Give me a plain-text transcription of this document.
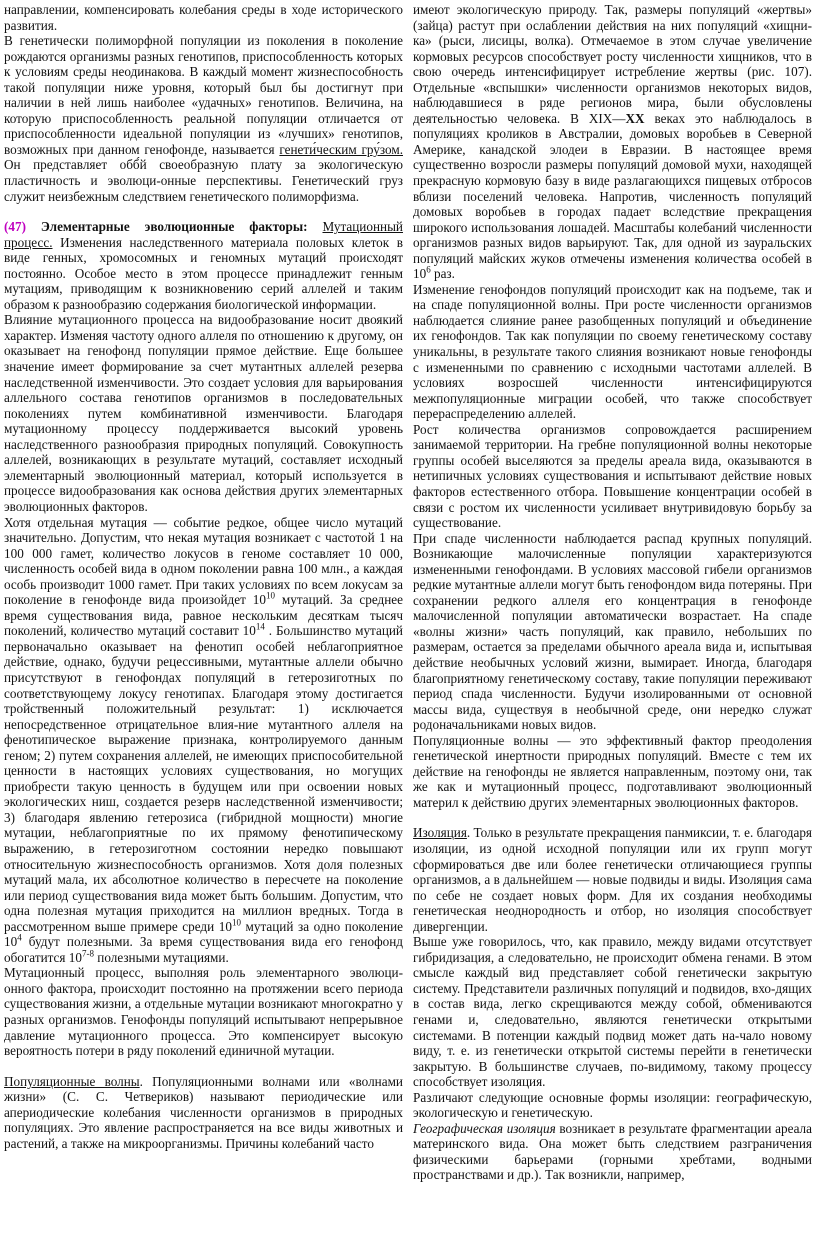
направлении, компенсировать колебания среды в ходе исторического развития.

В генетически полиморфной популяции из поколения в поколение рождаются организмы разных генотипов, приспособленность которых к условиям среды неодинакова. В каждый момент жизнеспособность такой популяции ниже уровня, который был бы достигнут при наличии в ней лишь наиболее «удачных» генотипов. Величина, на которую приспособленность реальной популяции отличается от приспособленности идеальной популяции из «лучших» генотипов, возможных при данном генофонде, называется генети́ческим гру́зом. Он представляет обб́й своеобразную плату за экологическую пластичность и эволюци-онные перспективы. Генетический груз служит неизбежным следствием генетического полиморфизма.

(47) Элементарные эволюционные факторы: Мутационный процесс. Изменения наследственного материала половых клеток в виде генных, хромосомных и геномных мутаций происходят постоянно. Особое место в этом процессе принадлежит генным мутациям, приводящим к возникновению серий аллелей и таким образом к разнообразию содержания биологической информации.

Влияние мутационного процесса на видообразование носит двоякий характер. Изменяя частоту одного аллеля по отношению к другому, он оказывает на генофонд популяции прямое действие. Еще большее значение имеет формирование за счет мутантных аллелей резерва наследственной изменчивости. Это создает условия для варьирования аллельного состава генотипов организмов в последовательных поколениях путем комбинативной изменчивости. Благодаря мутационному процессу поддерживается высокий уровень наследственного разнообразия природных популяций. Совокупность аллелей, возникающих в результате мутаций, составляет исходный элементарный эволюционный материал, который используется в процессе видообразования как основа действия других элементарных эволюционных факторов.

Хотя отдельная мутация — событие редкое, общее число мутаций значительно. Допустим, что некая мутация возникает с частотой 1 на 100 000 гамет, количество локусов в геноме составляет 10 000, численность особей вида в одном поколении равна 100 млн., а каждая особь производит 1000 гамет. При таких условиях по всем локусам за поколение в генофонде вида произойдет $10^{10}$ мутаций. За среднее время существования вида, равное нескольким десяткам тысяч поколений, количество мутаций составит $10^{14}$ . Большинство мутаций первоначально оказывает на фенотип особей неблагоприятное действие, однако, будучи рецессивными, мутантные аллели обычно присутствуют в генофондах популяций в гетерозиготных по соответствующему локусу генотипах. Благодаря этому достигается тройственный положительный результат: 1) исключается непосредственное отрицательное влия-ние мутантного аллеля на фенотипическое выражение признака, контролируемого данным геном; 2) путем сохранения аллелей, не имеющих приспособительной ценности в настоящих условиях существования, но могущих приобрести такую ценность в будущем или при освоении новых экологических ниш, создается резерв наследственной изменчивости; 3) благодаря явлению гетерозиса (гибридной мощности) многие мутации, неблагоприятные по их прямому фенотипическому выражению, в гетерозиготном состоянии нередко повышают относительную жизнеспособность организмов. Хотя доля полезных мутаций мала, их абсолютное количество в пересчете на поколение или период существования вида может быть большим. Допустим, что одна полезная мутация приходится на миллион вредных. Тогда в рассмотренном выше примере среди $10^{10}$ мутаций за одно поколение $10^4$ будут полезными. За время существования вида его генофонд обогатится 10$^{7-8}$ полезными мутациями.

Мутационный процесс, выполняя роль элементарного эволюци-онного фактора, происходит постоянно на протяжении всего периода существования жизни, а отдельные мутации возникают многократно у разных организмов. Генофонды популяций испытывают непрерывное давление мутационного процесса. Это компенсирует высокую вероятность потери в ряду поколений единичной мутации.

Популяционные волны. Популяционными волнами или «волнами жизни» (С. С. Четвериков) называют периодические или апериодические колебания численности организмов в природных популяциях. Это явление распространяется на все виды животных и растений, а также на микроорганизмы. Причины колебаний часто

имеют экологическую природу. Так, размеры популяций «жертвы» (зайца) растут при ослаблении действия на них популяций «хищни-ка» (рыси, лисицы, волка). Отмечаемое в этом случае увеличение кормовых ресурсов способствует росту численности хищников, что в свою очередь интенсифицирует истребление жертвы (рис. 107). Отдельные «вспышки» численности организмов некоторых видов, наблюдавшиеся в ряде регионов мира, были обусловлены деятельностью человека. В XIX—XX веках это наблюдалось в популяциях кроликов в Австралии, домовых воробьев в Северной Америке, канадской элодеи в Евразии. В настоящее время существенно возросли размеры популяций домовой мухи, находящей прекрасную кормовую базу в виде разлагающихся пищевых отбросов вблизи поселений человека. Напротив, численность популяций домовых воробьев в городах падает вследствие прекращения широкого использования лошадей. Масштабы колебаний численности организмов разных видов варьируют. Так, для одной из зауральских популяций майских жуков отмечены изменения количества особей в $10^6$ раз.

Изменение генофондов популяций происходит как на подъеме, так и на спаде популяционной волны. При росте численности организмов наблюдается слияние ранее разобщенных популяций и объединение их генофондов. Так как популяции по своему генетическому составу уникальны, в результате такого слияния возникают новые генофонды с измененными по сравнению с исходными частотами аллелей. В условиях возросшей численности интенсифицируются межпопуляционные миграции особей, что также способствует перераспределению аллелей.

Рост количества организмов сопровождается расширением занимаемой территории. На гребне популяционной волны некоторые группы особей выселяются за пределы ареала вида, оказываются в нетипичных условиях существования и испытывают действие новых факторов естественного отбора. Повышение концентрации особей в связи с ростом их численности усиливает внутривидовую борьбу за существование.

При спаде численности наблюдается распад крупных популяций. Возникающие малочисленные популяции характеризуются измененными генофондами. В условиях массовой гибели организмов редкие мутантные аллели могут быть генофондом вида потеряны. При сохранении редкого аллеля его концентрация в генофонде малочисленной популяции автоматически возрастает. На спаде «волны жизни» часть популяций, как правило, небольших по размерам, остается за пределами обычного ареала вида и, испытывая действие необычных условий жизни, вымирает. Иногда, благодаря благоприятному генетическому составу, такие популяции переживают период спада численности. Будучи изолированными от основной массы вида, существуя в необычной среде, они нередко служат родоначальниками новых видов.

Популяционные волны — это эффективный фактор преодоления генетической инертности природных популяций. Вместе с тем их действие на генофонды не является направленным, поэтому они, так же как и мутационный процесс, подготавливают эволюционный материл к действию других элементарных эволюционных факторов.

Изоляция. Только в результате прекращения панмиксии, т. е. благодаря изоляции, из одной исходной популяции или их групп могут сформироваться две или более генетически отличающиеся группы организмов, а в дальнейшем — новые подвиды и виды. Изоляция сама по себе не создает новых форм. Для их создания необходимы генетическая неоднородность и отбор, но изоляция способствует дивергенции.

Выше уже говорилось, что, как правило, между видами отсутствует гибридизация, а следовательно, не происходит обмена генами. В этом смысле каждый вид представляет собой генетически закрытую систему. Представители различных популяций и подвидов, вхо-дящих в состав вида, легко скрещиваются между собой, обмениваются генами и, следовательно, являются генетически открытыми системами. В потенции каждый подвид может дать на-чало новому виду, т. е. из генетически открытой системы перейти в генетически закрытую. В большинстве случаев, по-видимому, такому процессу способствует изоляция.

Различают следующие основные формы изоляции: географическую, экологическую и генетическую.

Географическая изоляция возникает в результате фрагментации ареала материнского вида. Она может быть следствием разграничения физическими барьерами (горными хребтами, водными пространствами и др.). Так возникли, например,
